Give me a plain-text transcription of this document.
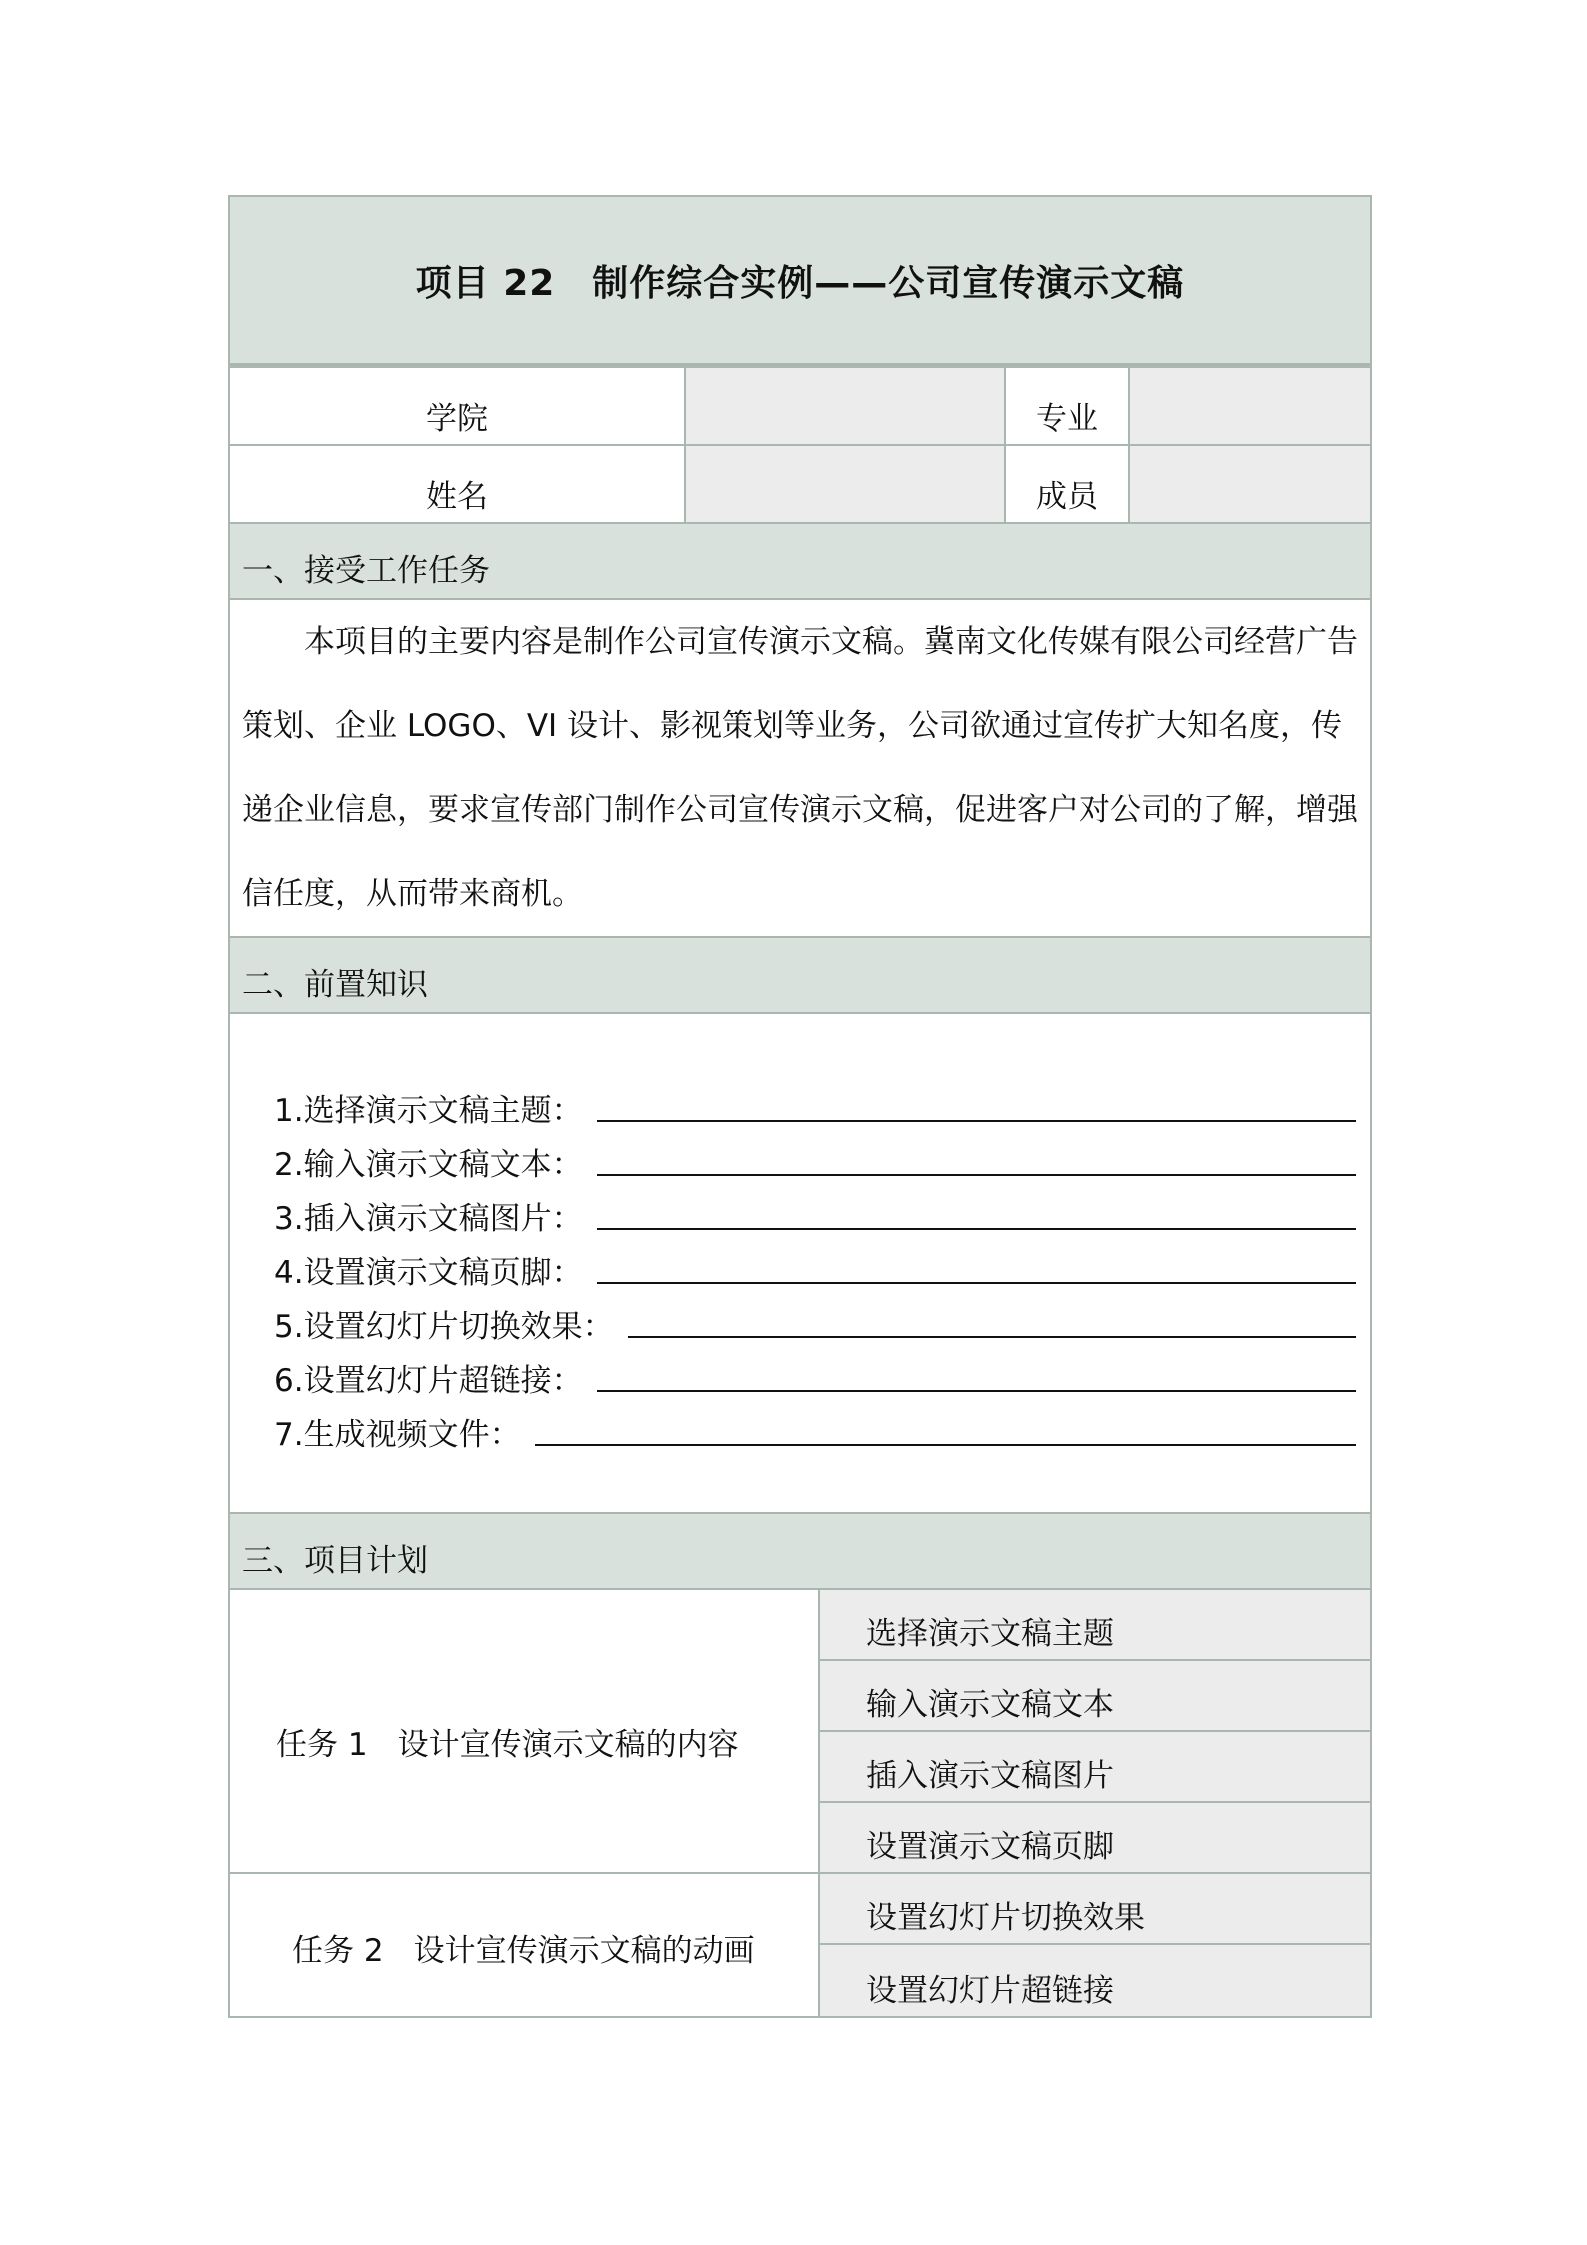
项目 22　制作综合实例——公司宣传演示文稿
学院	专业
姓名	成员
一、接受工作任务

本项目的主要内容是制作公司宣传演示文稿。冀南文化传媒有限公司经营广告策划、企业 LOGO、VI 设计、影视策划等业务，公司欲通过宣传扩大知名度，传递企业信息，要求宣传部门制作公司宣传演示文稿，促进客户对公司的了解，增强信任度，从而带来商机。

二、前置知识
1.选择演示文稿主题：
2.输入演示文稿文本：
3.插入演示文稿图片：
4.设置演示文稿页脚：
5.设置幻灯片切换效果：
6.设置幻灯片超链接：
7.生成视频文件：
三、项目计划
任务 1 设计宣传演示文稿的内容
任务 2 设计宣传演示文稿的动画
选择演示文稿主题
输入演示文稿文本
插入演示文稿图片
设置演示文稿页脚
设置幻灯片切换效果
设置幻灯片超链接
